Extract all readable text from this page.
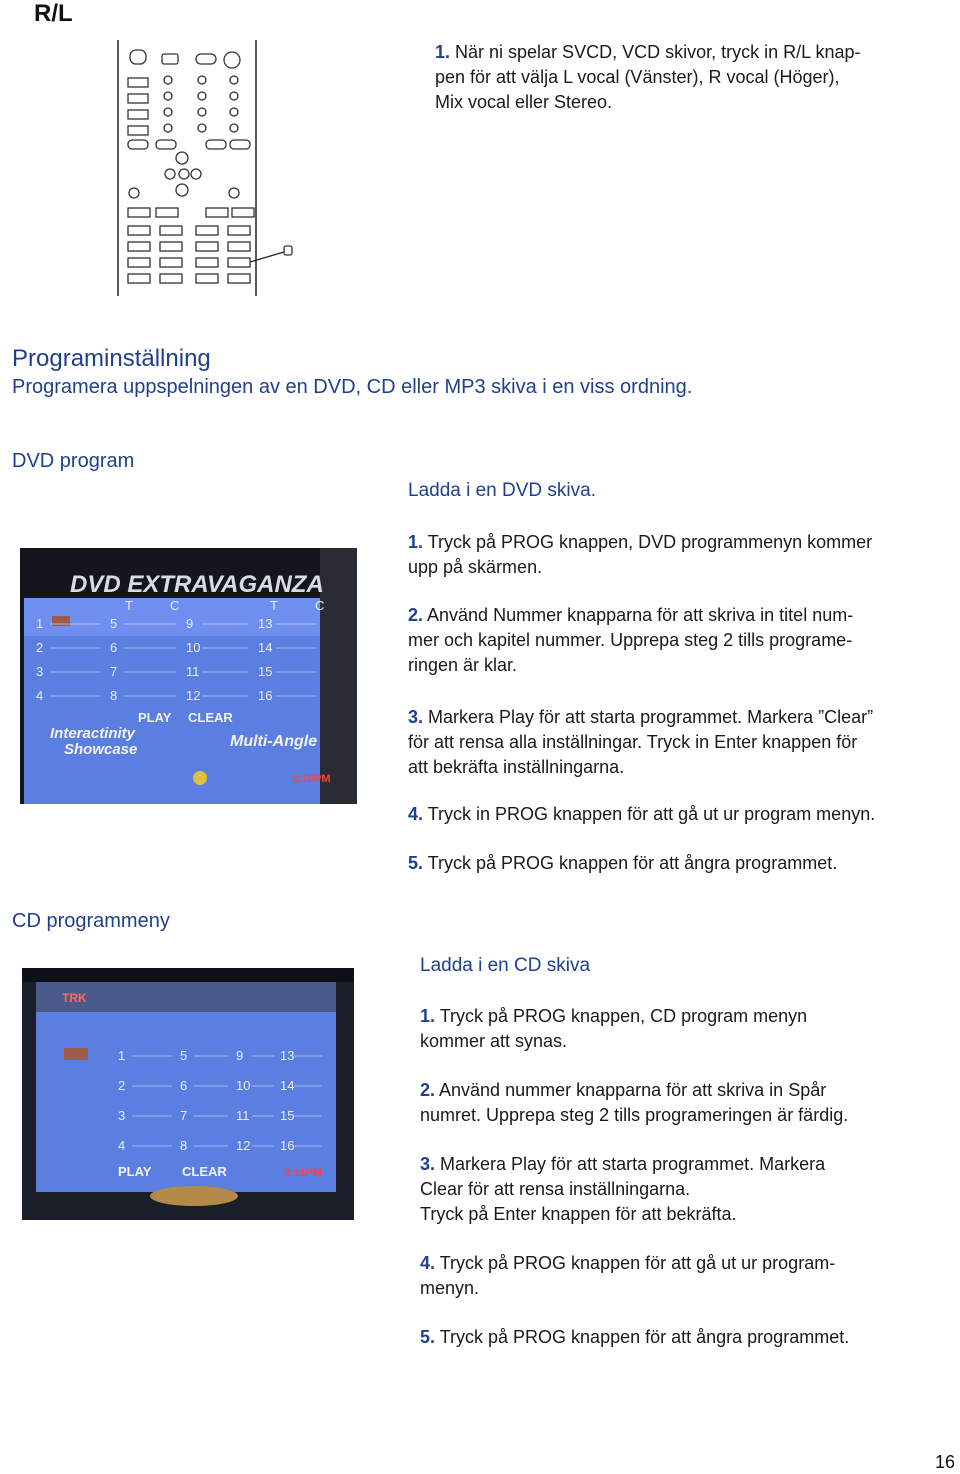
R/L
1. När ni spelar SVCD, VCD skivor, tryck in R/L knap-
pen för att välja L vocal (Vänster), R vocal (Höger),
Mix vocal eller Stereo.
Programinställning
Programera uppspelningen av en DVD, CD eller MP3 skiva i en viss ordning.
DVD program
Ladda i en DVD skiva.
DVD EXTRAVAGANZA
T	C	T	C
1	5	9	13
2	6	10	14
3	7	11	15
4	8	12	16
PLAY CLEAR
Interactinity
Showcase	Multi-Angle
3:10PM
1. Tryck på PROG knappen, DVD programmenyn kommer
upp på skärmen.
2. Använd Nummer knapparna för att skriva in titel num-
mer och kapitel nummer. Upprepa steg 2 tills programe-
ringen är klar.
3. Markera Play för att starta programmet. Markera ”Clear”
för att rensa alla inställningar. Tryck in Enter knappen för
att bekräfta inställningarna.
4. Tryck in PROG knappen för att gå ut ur program menyn.
5. Tryck på PROG knappen för att ångra programmet.
CD programmeny
Ladda i en CD skiva
TRK
1	5	9	13
2	6	10 14
3	7	11 15
4	8	12 16
PLAY CLEAR	3:11PM
1. Tryck på PROG knappen, CD program menyn
kommer att synas.
2. Använd nummer knapparna för att skriva in Spår
numret. Upprepa steg 2 tills programeringen är färdig.
3. Markera Play för att starta programmet. Markera
Clear för att rensa inställningarna.
Tryck på Enter knappen för att bekräfta.
4. Tryck på PROG knappen för att gå ut ur program-
menyn.
5. Tryck på PROG knappen för att ångra programmet.
16
